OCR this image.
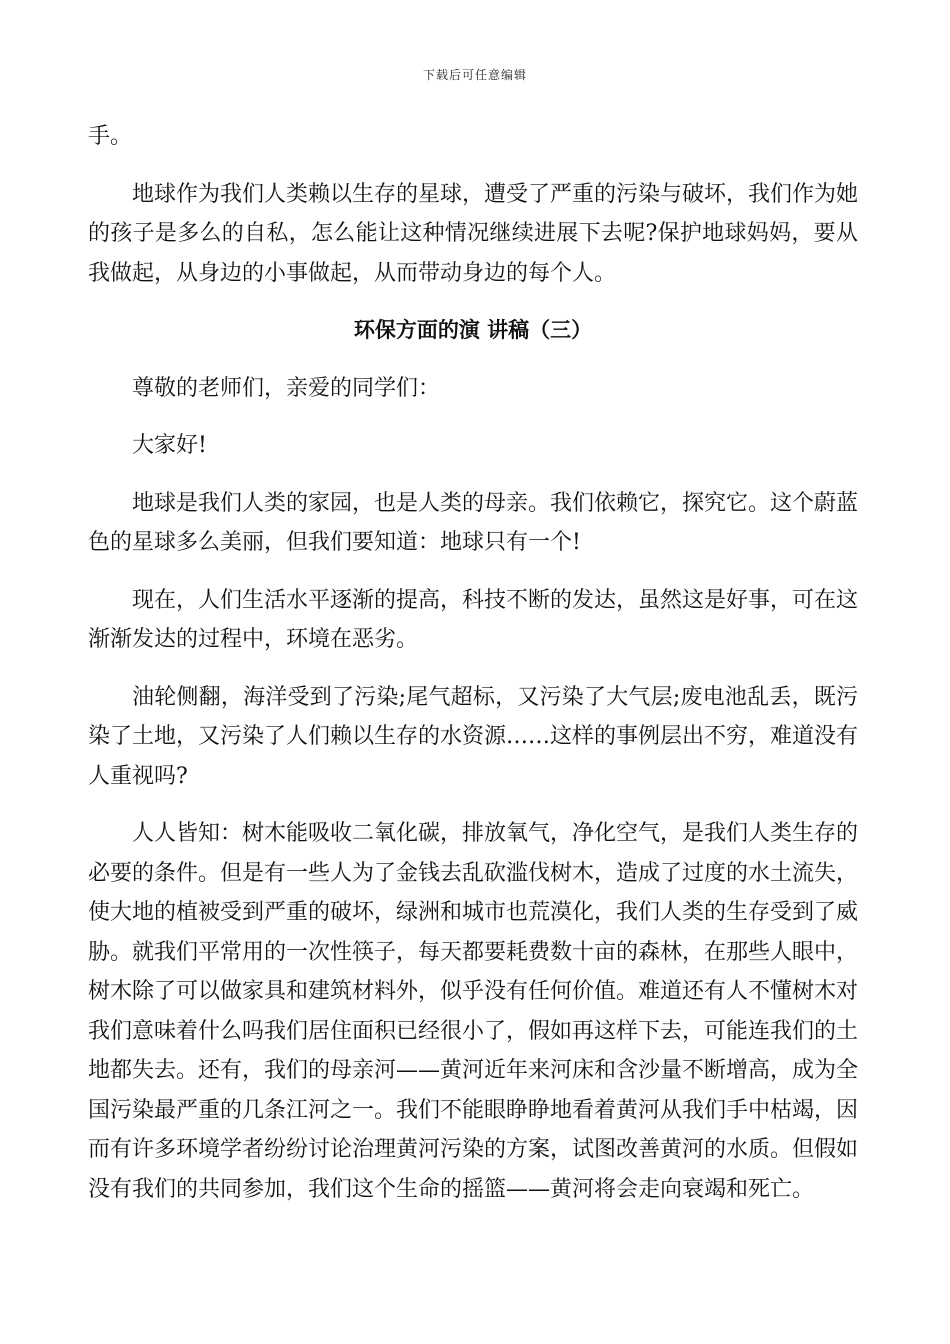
下载后可任意编辑

手。

地球作为我们人类赖以生存的星球，遭受了严重的污染与破坏，我们作为她的孩子是多么的自私，怎么能让这种情况继续进展下去呢?保护地球妈妈，要从我做起，从身边的小事做起，从而带动身边的每个人。

环保方面的演 讲稿（三）

尊敬的老师们，亲爱的同学们：

大家好!

地球是我们人类的家园，也是人类的母亲。我们依赖它，探究它。这个蔚蓝色的星球多么美丽，但我们要知道：地球只有一个!

现在，人们生活水平逐渐的提高，科技不断的发达，虽然这是好事，可在这渐渐发达的过程中，环境在恶劣。

油轮侧翻，海洋受到了污染;尾气超标，又污染了大气层;废电池乱丢，既污染了土地，又污染了人们赖以生存的水资源……这样的事例层出不穷，难道没有人重视吗?

人人皆知：树木能吸收二氧化碳，排放氧气，净化空气，是我们人类生存的必要的条件。但是有一些人为了金钱去乱砍滥伐树木，造成了过度的水土流失，使大地的植被受到严重的破坏，绿洲和城市也荒漠化，我们人类的生存受到了威胁。就我们平常用的一次性筷子，每天都要耗费数十亩的森林，在那些人眼中，树木除了可以做家具和建筑材料外，似乎没有任何价值。难道还有人不懂树木对我们意味着什么吗我们居住面积已经很小了，假如再这样下去，可能连我们的土地都失去。还有，我们的母亲河——黄河近年来河床和含沙量不断增高，成为全国污染最严重的几条江河之一。我们不能眼睁睁地看着黄河从我们手中枯竭，因而有许多环境学者纷纷讨论治理黄河污染的方案，试图改善黄河的水质。但假如没有我们的共同参加，我们这个生命的摇篮——黄河将会走向衰竭和死亡。
